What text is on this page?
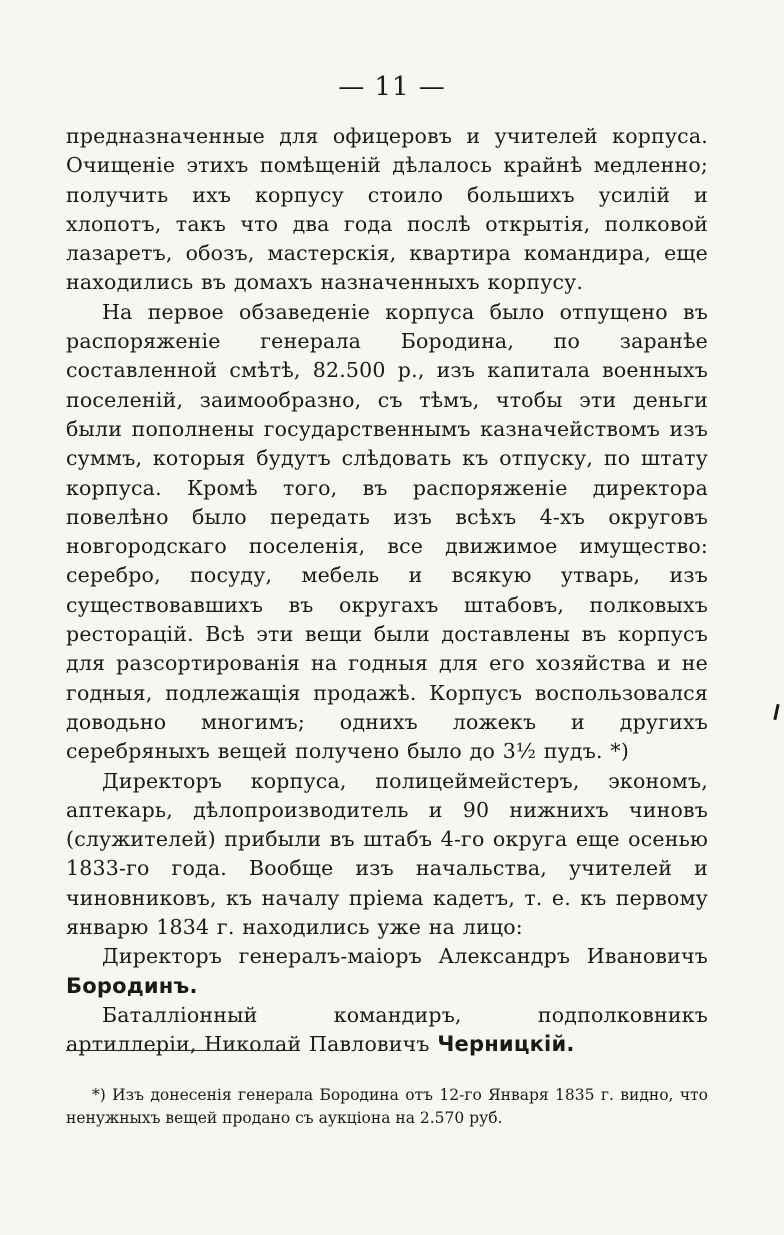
— 11 —

предназначенные для офицеровъ и учителей корпуса. Очищеніе этихъ помѣщеній дѣлалось крайнѣ медленно; получить ихъ корпусу стоило большихъ усилій и хлопотъ, такъ что два года послѣ открытія, полковой лазаретъ, обозъ, мастерскія, квартира командира, еще находились въ домахъ назначенныхъ корпусу.

На первое обзаведеніе корпуса было отпущено въ распоряженіе генерала Бородина, по заранѣе составленной смѣтѣ, 82.500 р., изъ капитала военныхъ поселеній, заимообразно, съ тѣмъ, чтобы эти деньги были пополнены государственнымъ казначействомъ изъ суммъ, которыя будутъ слѣдовать къ отпуску, по штату корпуса. Кромѣ того, въ распоряженіе директора повелѣно было передать изъ всѣхъ 4-хъ округовъ новгородскаго поселенія, все движимое имущество: серебро, посуду, мебель и всякую утварь, изъ существовавшихъ въ округахъ штабовъ, полковыхъ ресторацій. Всѣ эти вещи были доставлены въ корпусъ для разсортированія на годныя для его хозяйства и не годныя, подлежащія продажѣ. Корпусъ воспользовался доводьно многимъ; однихъ ложекъ и другихъ серебряныхъ вещей получено было до 3½ пудъ. *)

Директоръ корпуса, полицеймейстеръ, экономъ, аптекарь, дѣлопроизводитель и 90 нижнихъ чиновъ (служителей) прибыли въ штабъ 4-го округа еще осенью 1833-го года. Вообще изъ начальства, учителей и чиновниковъ, къ началу пріема кадетъ, т. е. къ первому январю 1834 г. находились уже на лицо:

Директоръ генералъ-маіоръ Александръ Ивановичъ Бородинъ.

Баталліонный командиръ, подполковникъ артиллеріи, Николай Павловичъ Черницкій.

*) Изъ донесенія генерала Бородина отъ 12-го Января 1835 г. видно, что ненужныхъ вещей продано съ аукціона на 2.570 руб.
